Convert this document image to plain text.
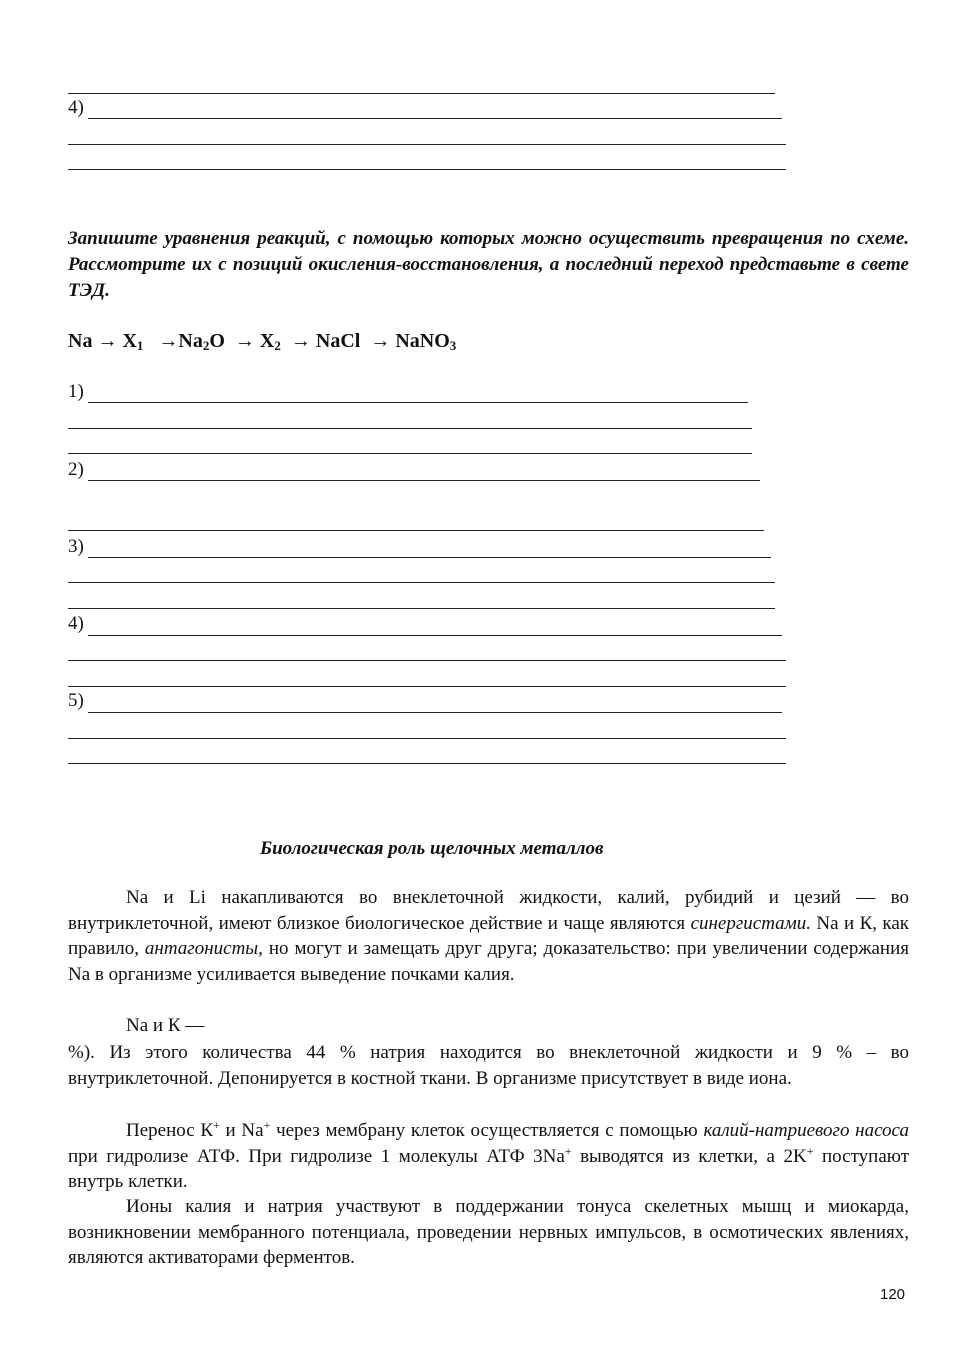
4)
Запишите уравнения реакций, с помощью которых можно осуществить превращения по схеме. Рассмотрите их с позиций окисления-восстановления, а последний переход представьте в свете ТЭД.
$Na \to X_1 \to Na_2O \to X_2$ → NaCl → NaNO$_3$
1)
2)
3)
4)
5)
Биологическая роль щелочных металлов
Na и Li накапливаются во внеклеточной жидкости, калий, рубидий и цезий — во внутриклеточной, имеют близкое биологическое действие и чаще являются синергистами. Na и К, как правило, антагонисты, но могут и замещать друг друга; доказательство: при увеличении содержания Na в организме усиливается выведение почками калия.
Na и К —
%). Из этого количества 44 % натрия находится во внеклеточной жидкости и 9 % – во внутриклеточной. Депонируется в костной ткани. В организме присутствует в виде иона.
Перенос К+ и Na+ через мембрану клеток осуществляется с помощью калий-натриевого насоса при гидролизе АТФ. При гидролизе 1 молекулы АТФ 3Na+ выводятся из клетки, а 2K+ поступают внутрь клетки.
Ионы калия и натрия участвуют в поддержании тонуса скелетных мышц и миокарда, возникновении мембранного потенциала, проведении нервных импульсов, в осмотических явлениях, являются активаторами ферментов.
120
